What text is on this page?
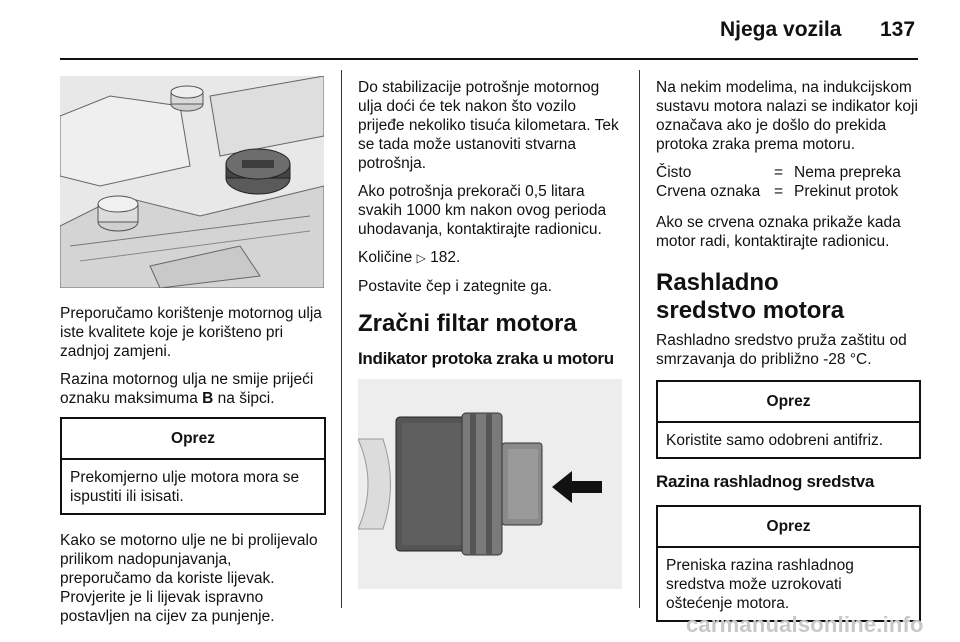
Njega vozila 137

Preporučamo korištenje motornog ulja iste kvalitete koje je korišteno pri zadnjoj zamjeni.

Razina motornog ulja ne smije prijeći oznaku maksimuma B na šipci.

Oprez
Prekomjerno ulje motora mora se ispustiti ili isisati.

Kako se motorno ulje ne bi prolijevalo prilikom nadopunjavanja, preporučamo da koriste lijevak. Provjerite je li lijevak ispravno postavljen na cijev za punjenje.

Do stabilizacije potrošnje motornog ulja doći će tek nakon što vozilo prijeđe nekoliko tisuća kilometara. Tek se tada može ustanoviti stvarna potrošnja.

Ako potrošnja prekorači 0,5 litara svakih 1000 km nakon ovog perioda uhodavanja, kontaktirajte radionicu.

Količine ▷ 182.

Postavite čep i zategnite ga.

Zračni filtar motora
Indikator protoka zraka u motoru

Na nekim modelima, na indukcijskom sustavu motora nalazi se indikator koji označava ako je došlo do prekida protoka zraka prema motoru.

Čisto	=	Nema prepreka
Crvena oznaka	=	Prekinut protok

Ako se crvena oznaka prikaže kada motor radi, kontaktirajte radionicu.

Rashladno sredstvo motora

Rashladno sredstvo pruža zaštitu od smrzavanja do približno -28 °C.

Oprez
Koristite samo odobreni antifriz.
Razina rashladnog sredstva
Oprez
Preniska razina rashladnog sredstva može uzrokovati oštećenje motora.
carmanualsonline.info
